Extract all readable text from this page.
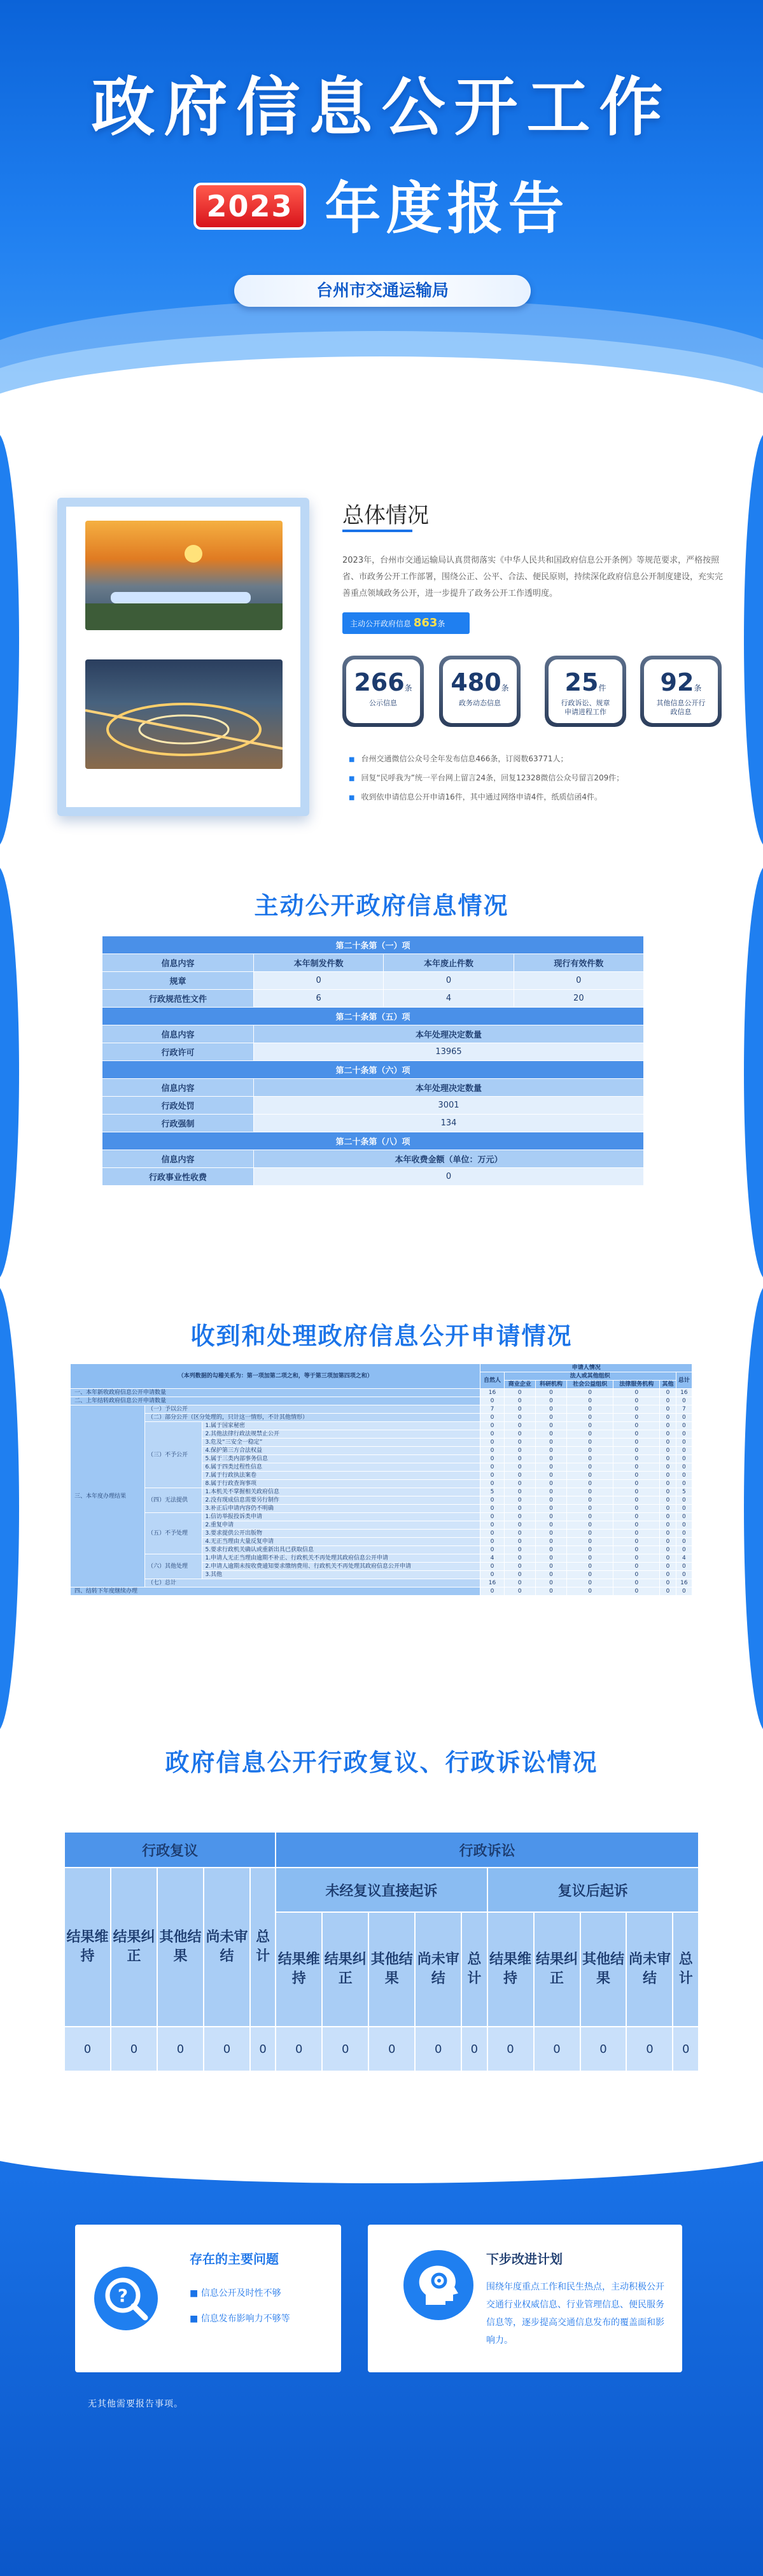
政府信息公开工作
2023 年度报告
台州市交通运输局
总体情况
2023年，台州市交通运输局认真贯彻落实《中华人民共和国政府信息公开条例》等规范要求，严格按照省、市政务公开工作部署，围绕公正、公平、合法、便民原则，持续深化政府信息公开制度建设，充实完善重点领域政务公开，进一步提升了政务公开工作透明度。
主动公开政府信息 863条
266条
公示信息
480条
政务动态信息
25件
行政诉讼、规章
申请进程工作
92条
其他信息公开行
政信息
■ 台州交通微信公众号全年发布信息466条，订阅数63771人；
■ 回复“民呼我为”统一平台网上留言24条，回复12328微信公众号留言209件；
■ 收到依申请信息公开申请16件，其中通过网络申请4件，纸质信函4件。
主动公开政府信息情况
第二十条第（一）项			
信息内容	本年制发件数	本年废止件数	现行有效件数
规章	0	0	0
行政规范性文件	6	4	20
第二十条第（五）项			
信息内容	本年处理决定数量		
行政许可	13965		
第二十条第（六）项			
信息内容	本年处理决定数量		
行政处罚	3001		
行政强制	134		
第二十条第（八）项			
信息内容	本年收费金额（单位：万元）		
行政事业性收费	0		
收到和处理政府信息公开申请情况
（本列数据的勾稽关系为：第一项加第二项之和，等于第三项加第四项之和）			申请人情况						
			自然人	法人或其他组织					总计
				商业企业	科研机构	社会公益组织	法律服务机构	其他	
一、本年新收政府信息公开申请数量			16	0	0	0	0	0	16
二、上年结转政府信息公开申请数量			0	0	0	0	0	0	0
三、本年度办理结果	（一）予以公开		7	0	0	0	0	0	7
	（二）部分公开（区分处理的，只计这一情形，不计其他情形）		0	0	0	0	0	0	0
	（三）不予公开	1.属于国家秘密	0	0	0	0	0	0	0
		2.其他法律行政法规禁止公开	0	0	0	0	0	0	0
		3.危及“三安全一稳定”	0	0	0	0	0	0	0
		4.保护第三方合法权益	0	0	0	0	0	0	0
		5.属于三类内部事务信息	0	0	0	0	0	0	0
		6.属于四类过程性信息	0	0	0	0	0	0	0
		7.属于行政执法案卷	0	0	0	0	0	0	0
		8.属于行政查询事项	0	0	0	0	0	0	0
	（四）无法提供	1.本机关不掌握相关政府信息	5	0	0	0	0	0	5
		2.没有现成信息需要另行制作	0	0	0	0	0	0	0
		3.补正后申请内容仍不明确	0	0	0	0	0	0	0
	（五）不予处理	1.信访举报投诉类申请	0	0	0	0	0	0	0
		2.重复申请	0	0	0	0	0	0	0
		3.要求提供公开出版物	0	0	0	0	0	0	0
		4.无正当理由大量反复申请	0	0	0	0	0	0	0
		5.要求行政机关确认或重新出具已获取信息	0	0	0	0	0	0	0
	（六）其他处理	1.申请人无正当理由逾期不补正、行政机关不再处理其政府信息公开申请	4	0	0	0	0	0	4
		2.申请人逾期未按收费通知要求缴纳费用、行政机关不再处理其政府信息公开申请	0	0	0	0	0	0	0
		3.其他	0	0	0	0	0	0	0
	（七）总计		16	0	0	0	0	0	16
四、结转下年度继续办理			0	0	0	0	0	0	0
政府信息公开行政复议、行政诉讼情况
行政复议					行政诉讼									
结果维持	结果纠正	其他结果	尚未审结	总计	未经复议直接起诉					复议后起诉				
					结果维持	结果纠正	其他结果	尚未审结	总计	结果维持	结果纠正	其他结果	尚未审结	总计
0	0	0	0	0	0	0	0	0	0	0	0	0	0	0
?
存在的主要问题
■ 信息公开及时性不够
■ 信息发布影响力不够等
下步改进计划
围绕年度重点工作和民生热点，主动积极公开交通行业权威信息、行业管理信息、便民服务信息等，逐步提高交通信息发布的覆盖面和影响力。
无其他需要报告事项。
